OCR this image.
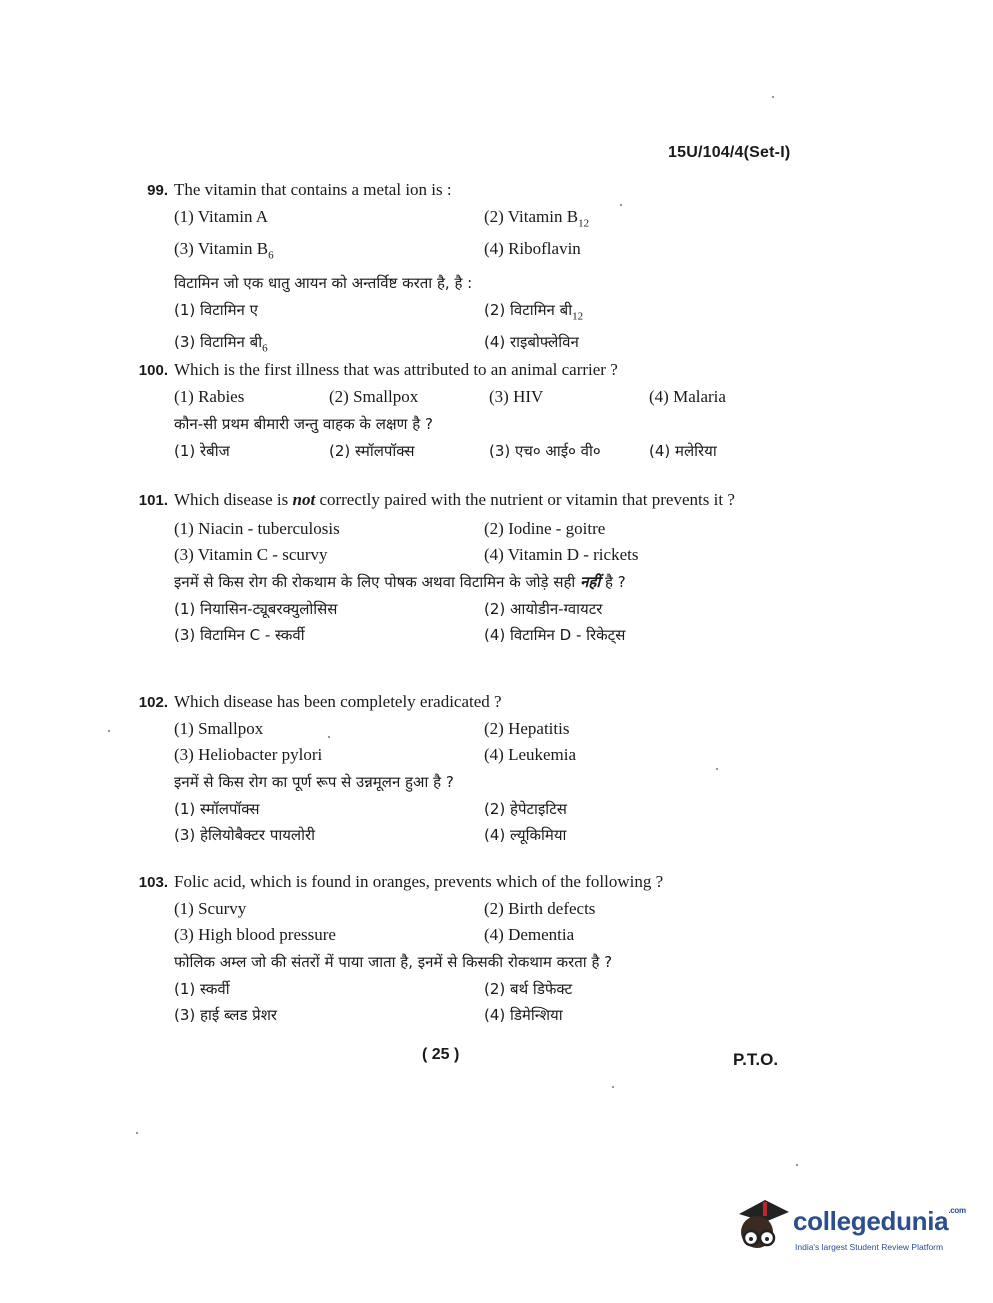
15U/104/4(Set-I)
99. The vitamin that contains a metal ion is :
(1) Vitamin A	(2) Vitamin $B_{12}$
(3) Vitamin $B_6$	(4) Riboflavin
विटामिन जो एक धातु आयन को अन्तर्विष्ट करता है, है :
(1) विटामिन ए	(2) विटामिन $बी_{12}$
(3) विटामिन $बी_6$	(4) राइबोफ्लेविन
100. Which is the first illness that was attributed to an animal carrier ?
(1) Rabies	(2) Smallpox	(3) HIV	(4) Malaria
कौन-सी प्रथम बीमारी जन्तु वाहक के लक्षण है ?
(1) रेबीज	(2) स्मॉलपॉक्स	(3) एच० आई० वी०	(4) मलेरिया
101. Which disease is not correctly paired with the nutrient or vitamin that prevents it ?
(1) Niacin - tuberculosis	(2) Iodine - goitre
(3) Vitamin C - scurvy	(4) Vitamin D - rickets
इनमें से किस रोग की रोकथाम के लिए पोषक अथवा विटामिन के जोड़े सही नहीं है ?
(1) नियासिन-ट्यूबरक्युलोसिस	(2) आयोडीन-ग्वायटर
(3) विटामिन C - स्कर्वी	(4) विटामिन D - रिकेट्स
102. Which disease has been completely eradicated ?
(1) Smallpox	(2) Hepatitis
(3) Heliobacter pylori	(4) Leukemia
इनमें से किस रोग का पूर्ण रूप से उन्नमूलन हुआ है ?
(1) स्मॉलपॉक्स	(2) हेपेटाइटिस
(3) हेलियोबैक्टर पायलोरी	(4) ल्यूकिमिया
103. Folic acid, which is found in oranges, prevents which of the following ?
(1) Scurvy	(2) Birth defects
(3) High blood pressure	(4) Dementia
फोलिक अम्ल जो की संतरों में पाया जाता है, इनमें से किसकी रोकथाम करता है ?
(1) स्कर्वी	(2) बर्थ डिफेक्ट
(3) हाई ब्लड प्रेशर	(4) डिमेन्शिया
( 25 )	P.T.O.
collegedunia$^{.com}$
India's largest Student Review Platform
